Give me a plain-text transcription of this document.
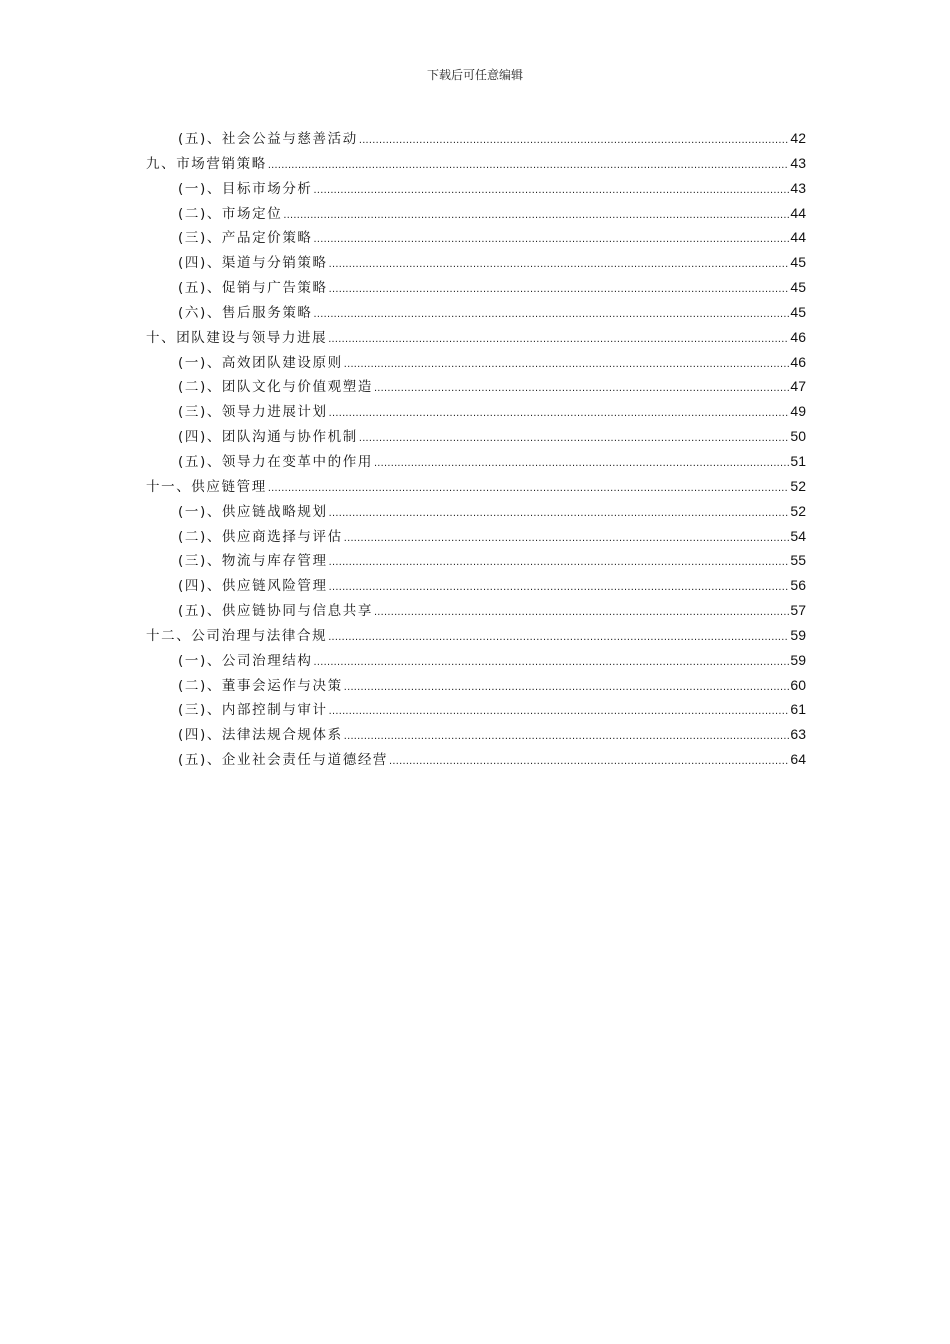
下载后可任意编辑
(五)、社会公益与慈善活动 .....	42
九、市场营销策略 .....	43
(一)、目标市场分析 .....	43
(二)、市场定位 .....	44
(三)、产品定价策略 .....	44
(四)、渠道与分销策略 .....	45
(五)、促销与广告策略 .....	45
(六)、售后服务策略 .....	45
十、团队建设与领导力进展 .....	46
(一)、高效团队建设原则 .....	46
(二)、团队文化与价值观塑造 .....	47
(三)、领导力进展计划 .....	49
(四)、团队沟通与协作机制 .....	50
(五)、领导力在变革中的作用 .....	51
十一、供应链管理 .....	52
(一)、供应链战略规划 .....	52
(二)、供应商选择与评估 .....	54
(三)、物流与库存管理 .....	55
(四)、供应链风险管理 .....	56
(五)、供应链协同与信息共享 .....	57
十二、公司治理与法律合规 .....	59
(一)、公司治理结构 .....	59
(二)、董事会运作与决策 .....	60
(三)、内部控制与审计 .....	61
(四)、法律法规合规体系 .....	63
(五)、企业社会责任与道德经营 .....	64
